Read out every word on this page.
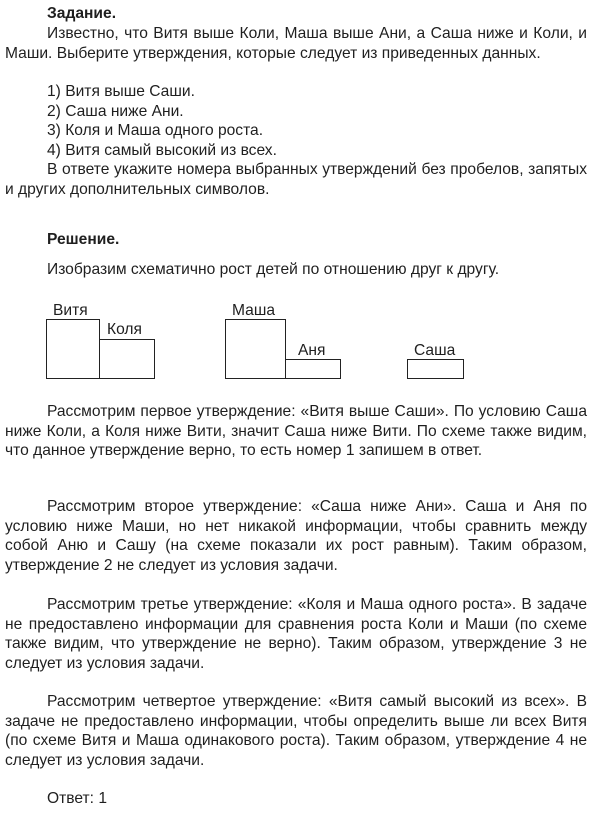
Задание.

Известно, что Витя выше Коли, Маша выше Ани, а Саша ниже и Коли, и Маши. Выберите утверждения, которые следует из приведенных данных.

1) Витя выше Саши.
2) Саша ниже Ани.
3) Коля и Маша одного роста.
4) Витя самый высокий из всех.

В ответе укажите номера выбранных утверждений без пробелов, запятых и других дополнительных символов.

Решение.
Изобразим схематично рост детей по отношению друг к другу.
Витя
Коля
Маша
Аня	Саша

Рассмотрим первое утверждение: «Витя выше Саши». По условию Саша ниже Коли, а Коля ниже Вити, значит Саша ниже Вити. По схеме также видим, что данное утверждение верно, то есть номер 1 запишем в ответ.

Рассмотрим второе утверждение: «Саша ниже Ани». Саша и Аня по условию ниже Маши, но нет никакой информации, чтобы сравнить между собой Аню и Сашу (на схеме показали их рост равным). Таким образом, утверждение 2 не следует из условия задачи.

Рассмотрим третье утверждение: «Коля и Маша одного роста». В задаче не предоставлено информации для сравнения роста Коли и Маши (по схеме также видим, что утверждение не верно). Таким образом, утверждение 3 не следует из условия задачи.

Рассмотрим четвертое утверждение: «Витя самый высокий из всех». В задаче не предоставлено информации, чтобы определить выше ли всех Витя (по схеме Витя и Маша одинакового роста). Таким образом, утверждение 4 не следует из условия задачи.

Ответ: 1
